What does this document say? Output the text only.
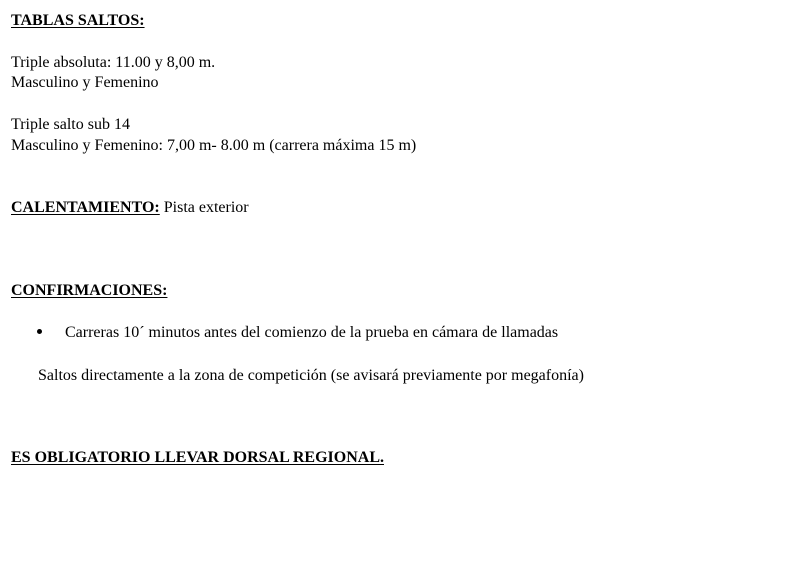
TABLAS SALTOS:
Triple absoluta: 11.00 y 8,00 m.
Masculino y Femenino
Triple salto sub 14
Masculino y Femenino: 7,00 m- 8.00 m (carrera máxima 15 m)
CALENTAMIENTO: Pista exterior
CONFIRMACIONES:
Carreras 10´ minutos antes del comienzo de la prueba en cámara de llamadas
Saltos directamente a la zona de competición (se avisará previamente por megafonía)
ES OBLIGATORIO LLEVAR DORSAL REGIONAL.
